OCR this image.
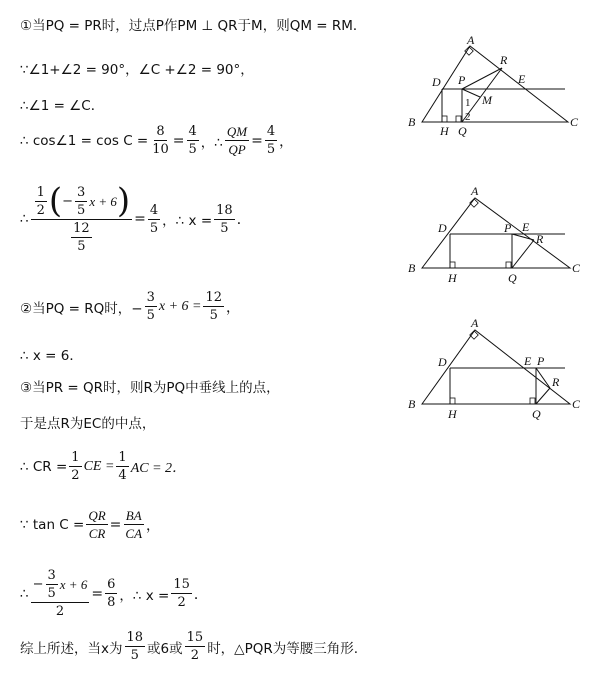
①当PQ = PR时，过点P作PM ⊥ QR于M，则QM = RM．
∵∠1+∠2 = 90°，∠C +∠2 = 90°，
∴∠1 = ∠C．
∴ cos∠1 = $\cos C = \frac{8}{10} = \frac{4}{5}$ ，∴ $\frac{QM}{QP} = \frac{4}{5}$ ，
∴ $\frac{\frac{1}{2} ( - \frac{3}{5} x + 6 )}{\frac{12}{5}} = \frac{4}{5}$ ，∴ $x = \frac{18}{5}$ ．
②当PQ = RQ时，− $\frac{3}{5}$ $x + 6 = \frac{12}{5}$ ，
∴ x = 6．
③当PR = QR时，则R为PQ中垂线上的点，
于是点R为EC的中点，
∴ CR = $\frac{1}{2}$ CE = $\frac{1}{4}$ AC = 2．
∵ $\tan C = \frac{QR}{CR} = \frac{BA}{CA}$ ，
∴ $\frac{- \frac{3}{5} x + 6}{2} = \frac{6}{8}$ ，∴ $x = \frac{15}{2}$ ．
综上所述，当x为 $\frac{18}{5}$ 或6或 $\frac{15}{2}$ 时，△PQR为等腰三角形.
A
B	C
D	E
P
R
M
H Q
1
2
A
B	C
D	E
P
R
H	Q
A
B	C
D	E P
R
H	Q
